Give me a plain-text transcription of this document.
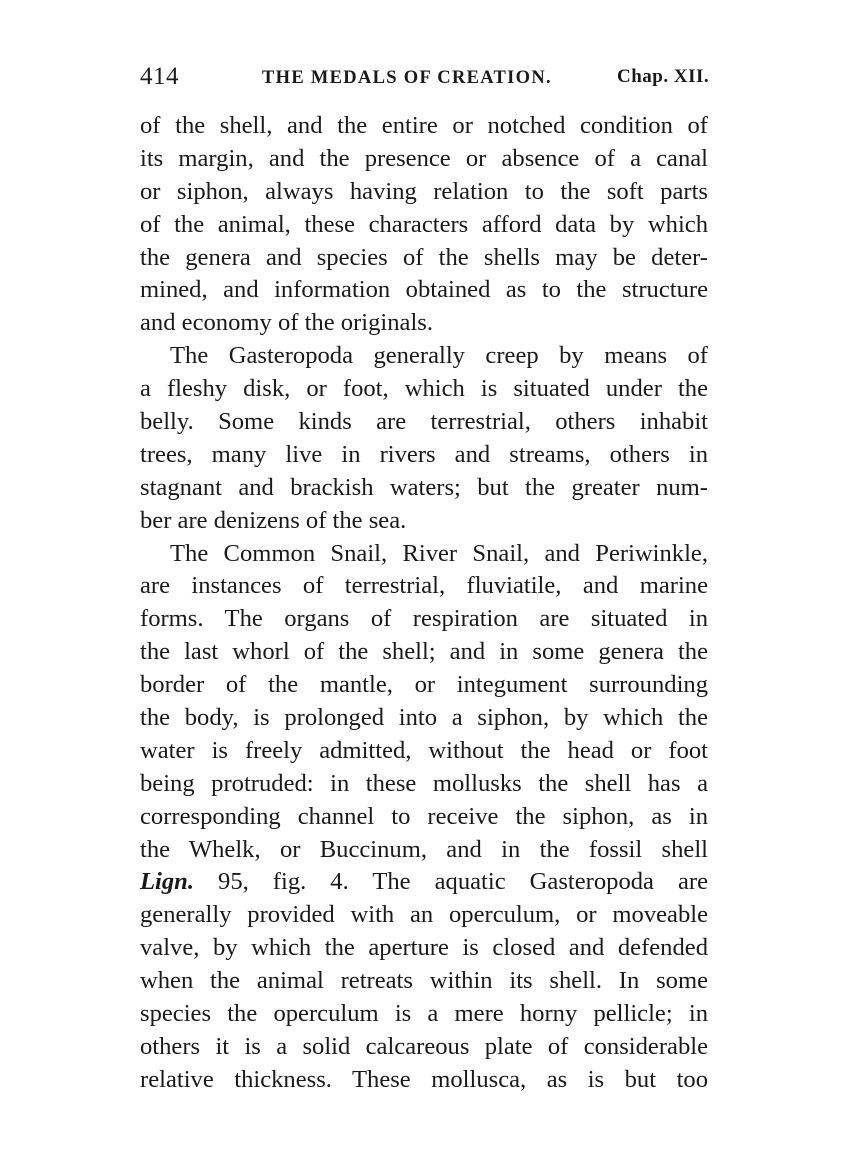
414	THE MEDALS OF CREATION.	Chap. XII.
of the shell, and the entire or notched condition of
its margin, and the presence or absence of a canal
or siphon, always having relation to the soft parts
of the animal, these characters afford data by which
the genera and species of the shells may be deter-
mined, and information obtained as to the structure
and economy of the originals.
The Gasteropoda generally creep by means of
a fleshy disk, or foot, which is situated under the
belly. Some kinds are terrestrial, others inhabit
trees, many live in rivers and streams, others in
stagnant and brackish waters; but the greater num-
ber are denizens of the sea.
The Common Snail, River Snail, and Periwinkle,
are instances of terrestrial, fluviatile, and marine
forms. The organs of respiration are situated in
the last whorl of the shell; and in some genera the
border of the mantle, or integument surrounding
the body, is prolonged into a siphon, by which the
water is freely admitted, without the head or foot
being protruded: in these mollusks the shell has a
corresponding channel to receive the siphon, as in
the Whelk, or Buccinum, and in the fossil shell
Lign. 95, fig. 4. The aquatic Gasteropoda are
generally provided with an operculum, or moveable
valve, by which the aperture is closed and defended
when the animal retreats within its shell. In some
species the operculum is a mere horny pellicle; in
others it is a solid calcareous plate of considerable
relative thickness. These mollusca, as is but too
